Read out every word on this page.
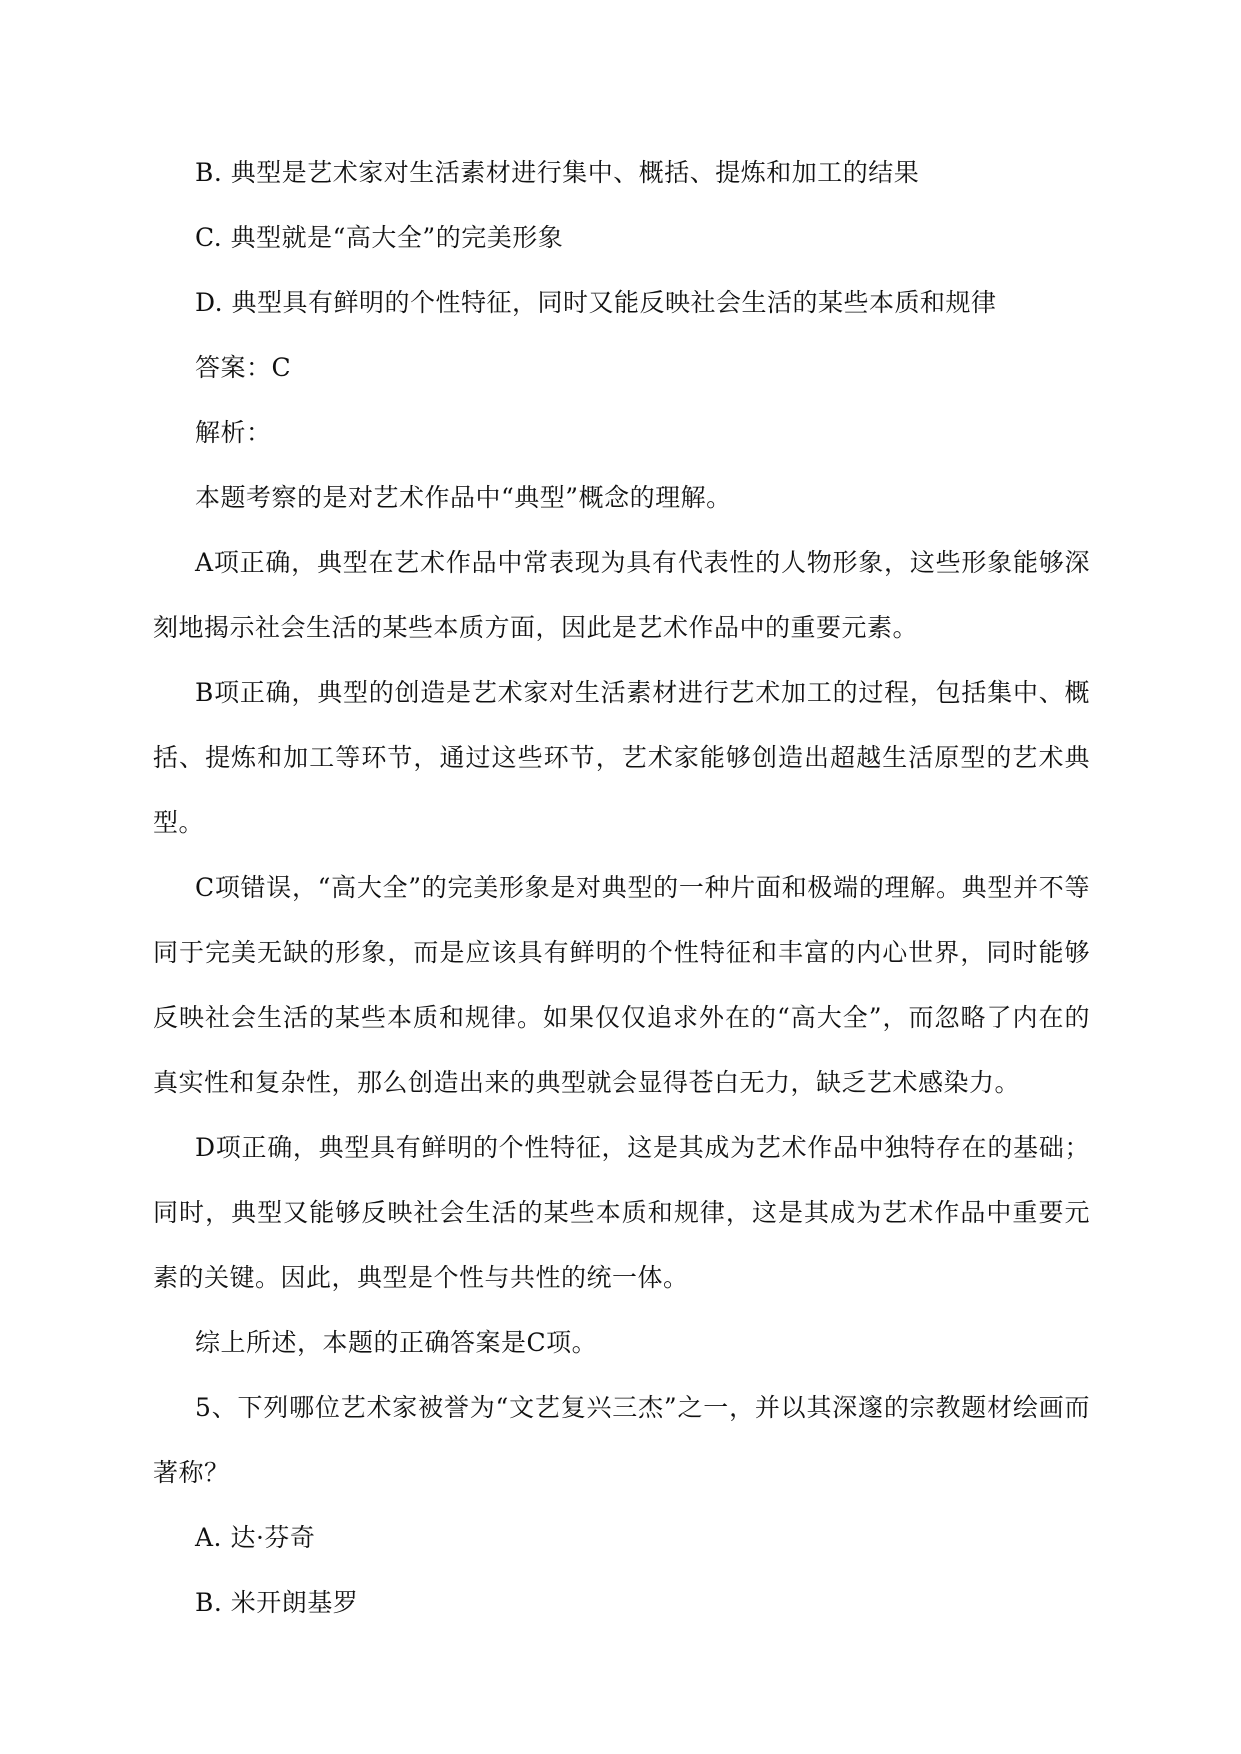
B. 典型是艺术家对生活素材进行集中、概括、提炼和加工的结果

C. 典型就是“高大全”的完美形象

D. 典型具有鲜明的个性特征，同时又能反映社会生活的某些本质和规律

答案：C

解析：

本题考察的是对艺术作品中“典型”概念的理解。

A项正确，典型在艺术作品中常表现为具有代表性的人物形象，这些形象能够深刻地揭示社会生活的某些本质方面，因此是艺术作品中的重要元素。

B项正确，典型的创造是艺术家对生活素材进行艺术加工的过程，包括集中、概括、提炼和加工等环节，通过这些环节，艺术家能够创造出超越生活原型的艺术典型。

C项错误，“高大全”的完美形象是对典型的一种片面和极端的理解。典型并不等同于完美无缺的形象，而是应该具有鲜明的个性特征和丰富的内心世界，同时能够反映社会生活的某些本质和规律。如果仅仅追求外在的“高大全”，而忽略了内在的真实性和复杂性，那么创造出来的典型就会显得苍白无力，缺乏艺术感染力。

D项正确，典型具有鲜明的个性特征，这是其成为艺术作品中独特存在的基础；同时，典型又能够反映社会生活的某些本质和规律，这是其成为艺术作品中重要元素的关键。因此，典型是个性与共性的统一体。

综上所述，本题的正确答案是C项。

5、下列哪位艺术家被誉为“文艺复兴三杰”之一，并以其深邃的宗教题材绘画而著称？

A. 达·芬奇

B. 米开朗基罗
